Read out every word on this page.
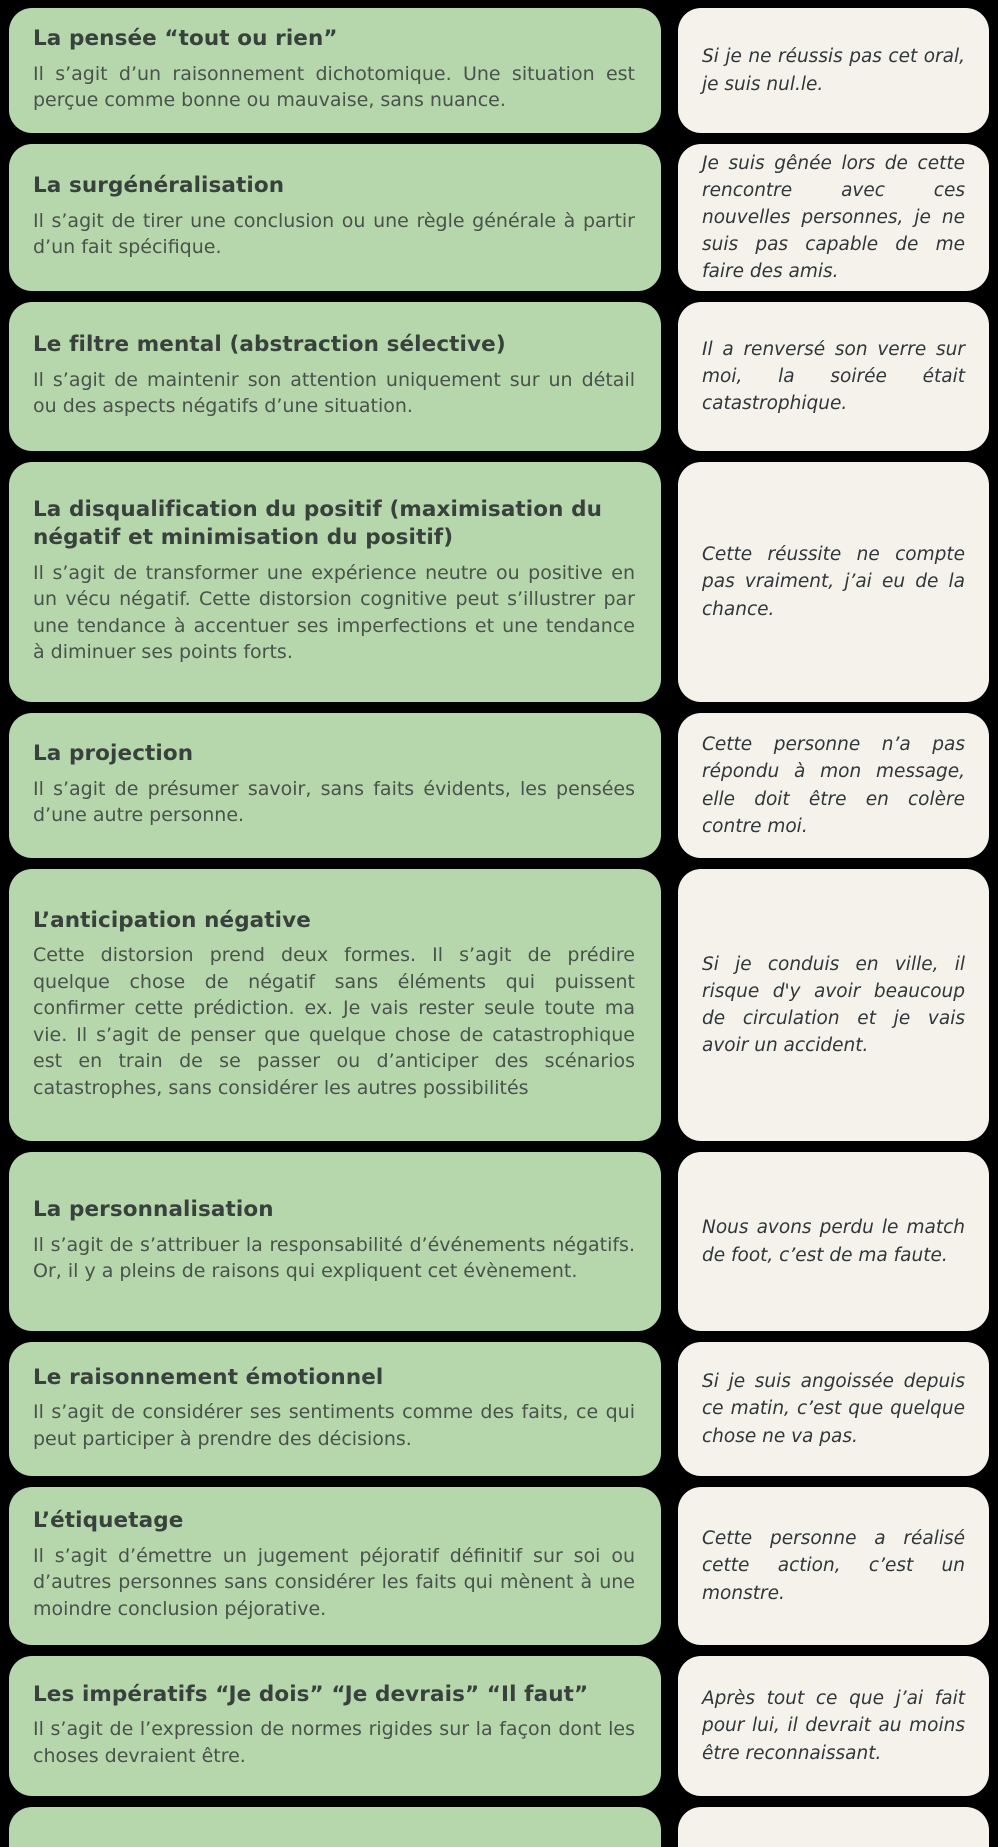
La pensée “tout ou rien”

Il s’agit d’un raisonnement dichotomique. Une situation est perçue comme bonne ou mauvaise, sans nuance.

Si je ne réussis pas cet oral, je suis nul.le.

La surgénéralisation

Il s’agit de tirer une conclusion ou une règle générale à partir d’un fait spécifique.

Je suis gênée lors de cette rencontre avec ces nouvelles personnes, je ne suis pas capable de me faire des amis.

Le filtre mental (abstraction sélective)

Il s’agit de maintenir son attention uniquement sur un détail ou des aspects négatifs d’une situation.

Il a renversé son verre sur moi, la soirée était catastrophique.

La disqualification du positif (maximisation du négatif et minimisation du positif)

Il s’agit de transformer une expérience neutre ou positive en un vécu négatif. Cette distorsion cognitive peut s’illustrer par une tendance à accentuer ses imperfections et une tendance à diminuer ses points forts.

Cette réussite ne compte pas vraiment, j’ai eu de la chance.

La projection

Il s’agit de présumer savoir, sans faits évidents, les pensées d’une autre personne.

Cette personne n’a pas répondu à mon message, elle doit être en colère contre moi.

L’anticipation négative

Cette distorsion prend deux formes. Il s’agit de prédire quelque chose de négatif sans éléments qui puissent confirmer cette prédiction. ex. Je vais rester seule toute ma vie. Il s’agit de penser que quelque chose de catastrophique est en train de se passer ou d’anticiper des scénarios catastrophes, sans considérer les autres possibilités

Si je conduis en ville, il risque d'y avoir beaucoup de circulation et je vais avoir un accident.

La personnalisation

Il s’agit de s’attribuer la responsabilité d’événements négatifs. Or, il y a pleins de raisons qui expliquent cet évènement.

Nous avons perdu le match de foot, c’est de ma faute.

Le raisonnement émotionnel

Il s’agit de considérer ses sentiments comme des faits, ce qui peut participer à prendre des décisions.

Si je suis angoissée depuis ce matin, c’est que quelque chose ne va pas.

L’étiquetage

Il s’agit d’émettre un jugement péjoratif définitif sur soi ou d’autres personnes sans considérer les faits qui mènent à une moindre conclusion péjorative.

Cette personne a réalisé cette action, c’est un monstre.

Les impératifs “Je dois” “Je devrais” “Il faut”

Il s’agit de l’expression de normes rigides sur la façon dont les choses devraient être.

Après tout ce que j’ai fait pour lui, il devrait au moins être reconnaissant.
